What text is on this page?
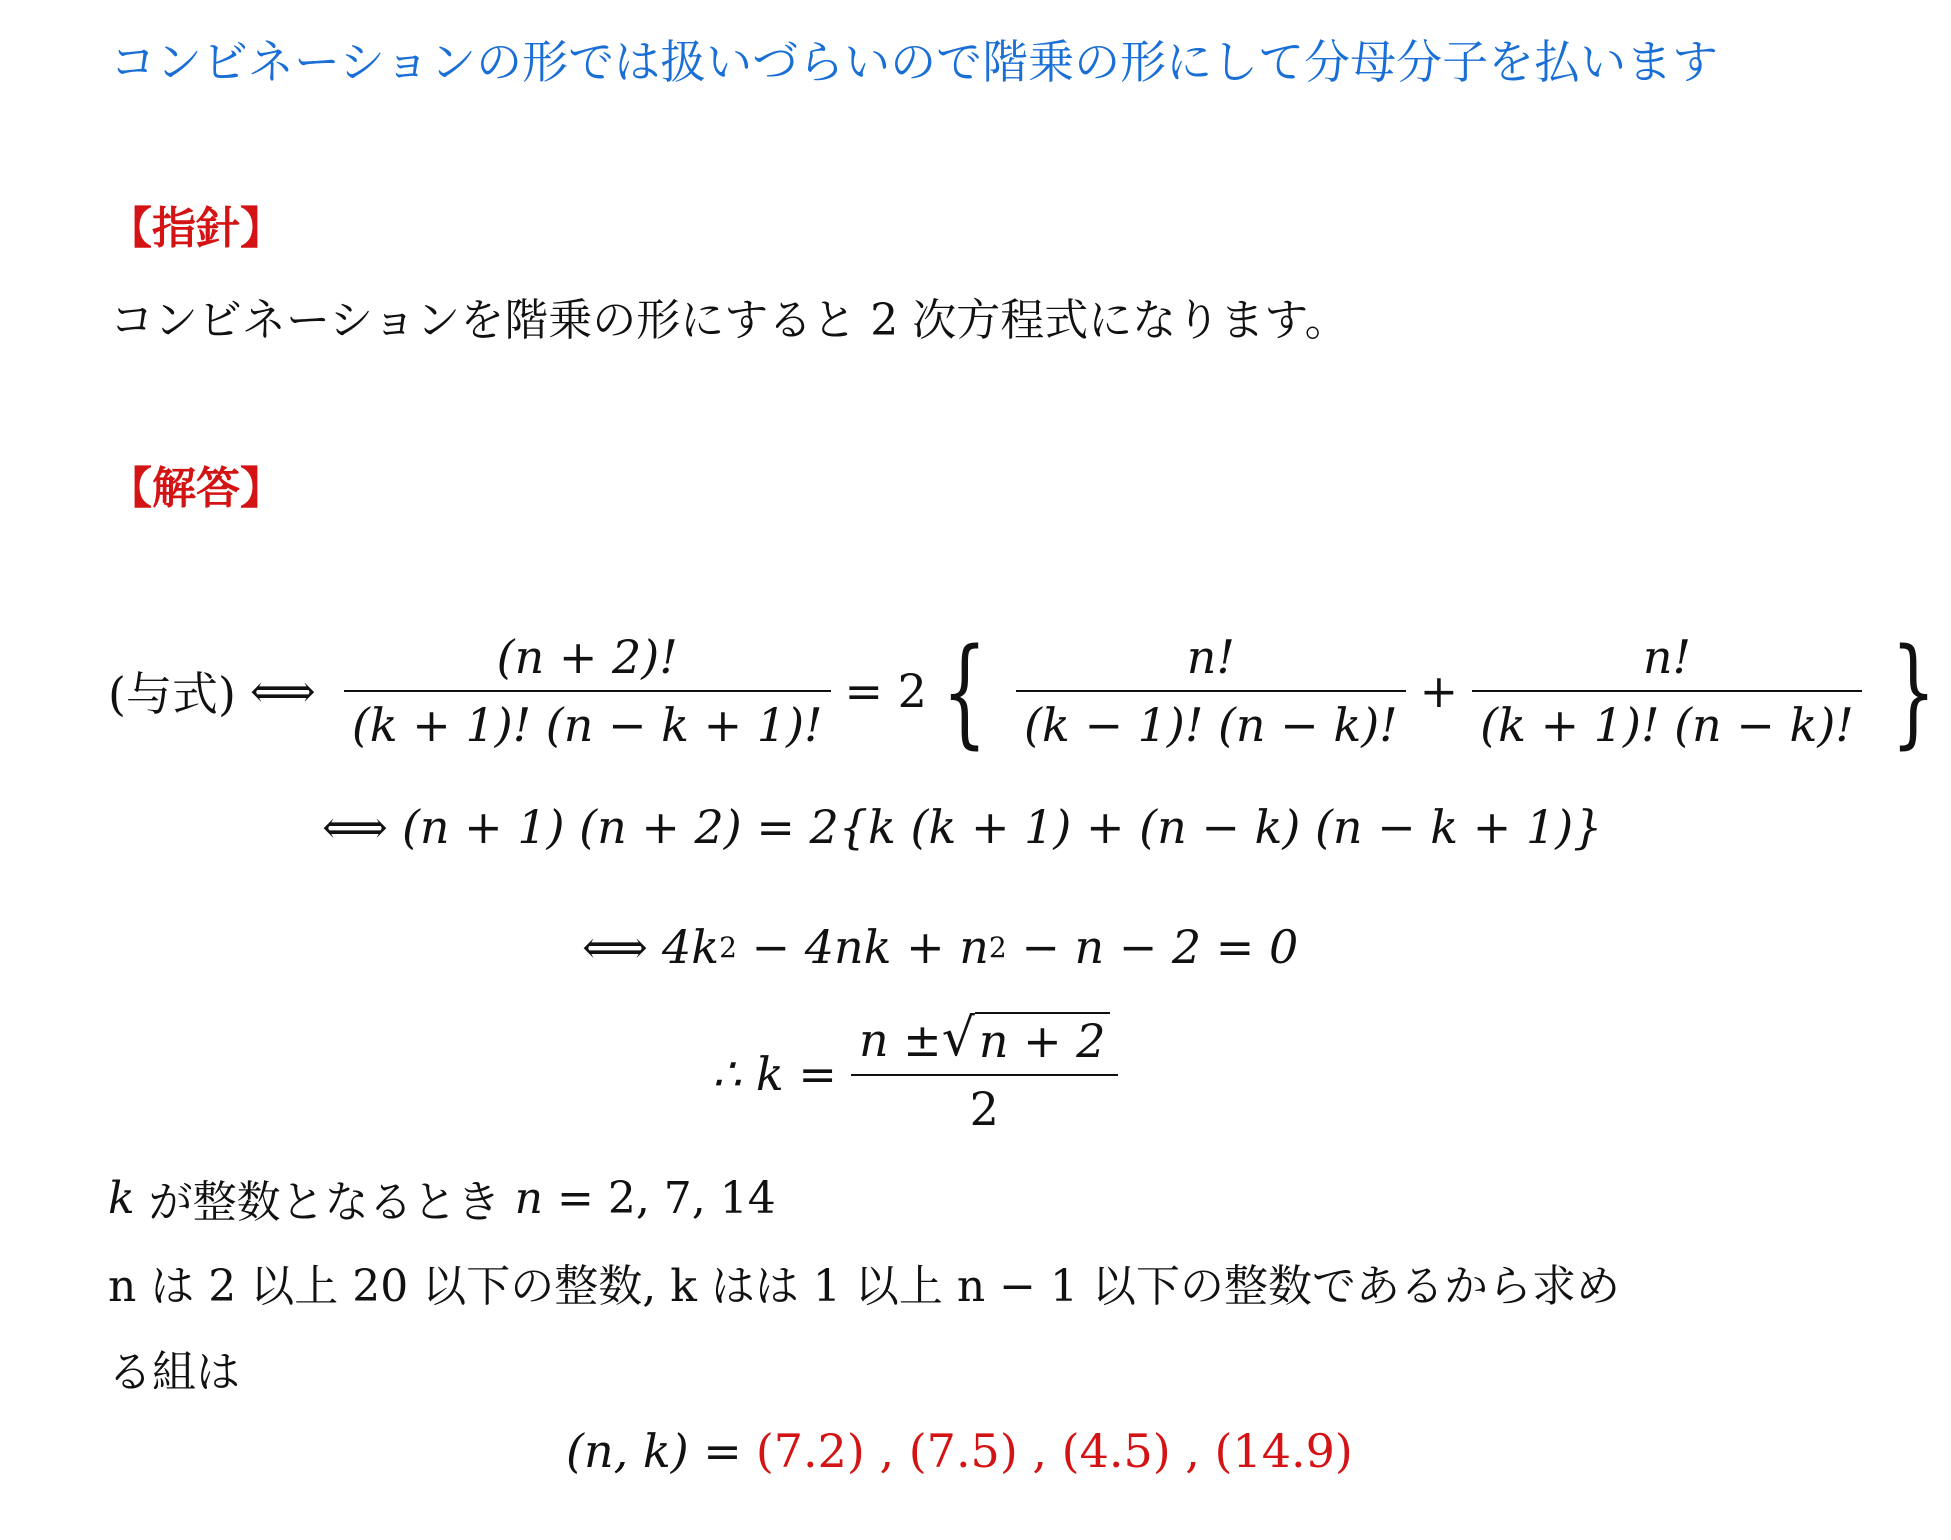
コンビネーションの形では扱いづらいので階乗の形にして分母分子を払います
【指針】
コンビネーションを階乗の形にすると 2 次方程式になります。
【解答】
(与式) ⟺ $\frac{(n + 2)!}{(k + 1)! (n - k + 1)!} = 2$ { $\frac{n!}{(k - 1)! (n - k)!} + \frac{n!}{(k + 1)! (n - k)!}$ }
⟺ (n + 1) (n + 2) = 2{k (k + 1) + (n − k) (n − k + 1)}
⟺ 4k 2 − 4nk + n 2 − n − 2 = 0
∴ $k = \frac{n \pm √ n + 2}{2}$
k が整数となるとき n = 2, 7, 14
n は 2 以上 20 以下の整数, k はは 1 以上 n − 1 以下の整数であるから求め
る組は
(n, k) = (7.2) , (7.5) , (4.5) , (14.9)
